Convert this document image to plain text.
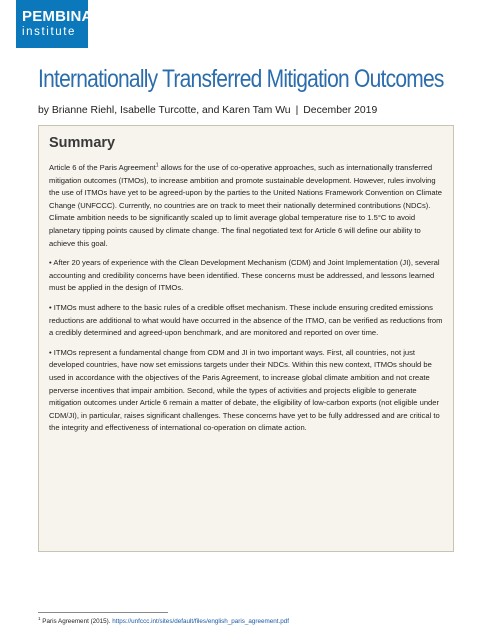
PEMBINA
institute
Internationally Transferred Mitigation Outcomes
by Brianne Riehl, Isabelle Turcotte, and Karen Tam Wu | December 2019
Summary

Article 6 of the Paris Agreement$^1$ allows for the use of co-operative approaches, such as internationally transferred mitigation outcomes (ITMOs), to increase ambition and promote sustainable development. However, rules involving the use of ITMOs have yet to be agreed-upon by the parties to the United Nations Framework Convention on Climate Change (UNFCCC). Currently, no countries are on track to meet their nationally determined contributions (NDCs). Climate ambition needs to be significantly scaled up to limit average global temperature rise to 1.5°C to avoid planetary tipping points caused by climate change. The final negotiated text for Article 6 will define our ability to achieve this goal.

• After 20 years of experience with the Clean Development Mechanism (CDM) and Joint Implementation (JI), several accounting and credibility concerns have been identified. These concerns must be addressed, and lessons learned must be applied in the design of ITMOs.

• ITMOs must adhere to the basic rules of a credible offset mechanism. These include ensuring credited emissions reductions are additional to what would have occurred in the absence of the ITMO, can be verified as reductions from a credibly determined and agreed-upon benchmark, and are monitored and reported on over time.

• ITMOs represent a fundamental change from CDM and JI in two important ways. First, all countries, not just developed countries, have now set emissions targets under their NDCs. Within this new context, ITMOs should be used in accordance with the objectives of the Paris Agreement, to increase global climate ambition and not create perverse incentives that impair ambition. Second, while the types of activities and projects eligible to generate mitigation outcomes under Article 6 remain a matter of debate, the eligibility of low-carbon exports (not eligible under CDM/JI), in particular, raises significant challenges. These concerns have yet to be fully addressed and are critical to the integrity and effectiveness of international co-operation on climate action.

$^1$ Paris Agreement (2015). https://unfccc.int/sites/default/files/english_paris_agreement.pdf
